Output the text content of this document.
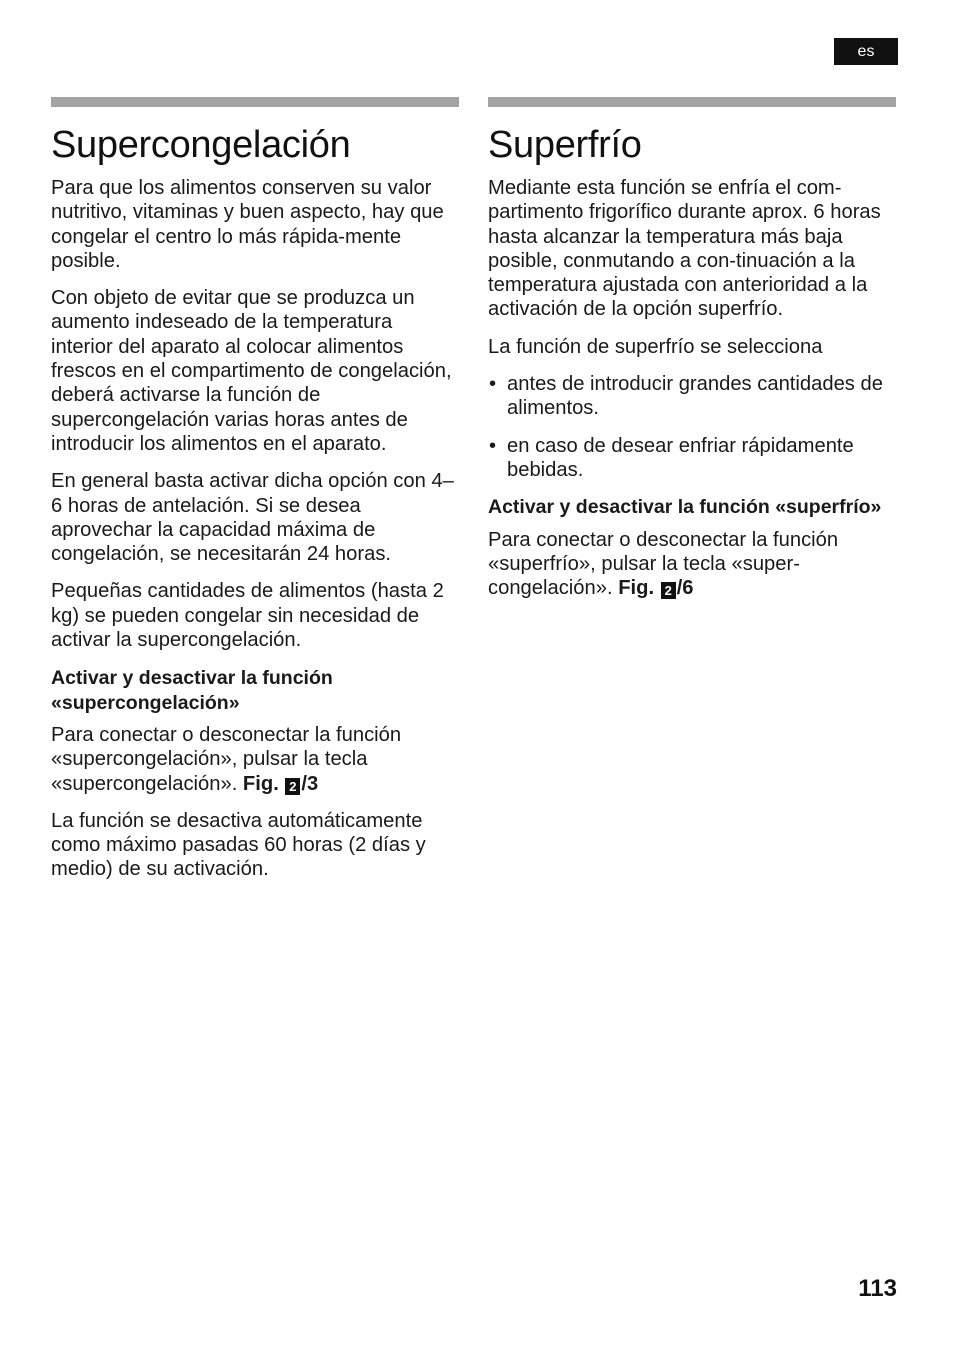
es
Supercongelación

Para que los alimentos conserven su valor nutritivo, vitaminas y buen aspecto, hay que congelar el centro lo más rápida-mente posible.

Con objeto de evitar que se produzca un aumento indeseado de la temperatura interior del aparato al colocar alimentos frescos en el compartimento de congelación, deberá activarse la función de supercongelación varias horas antes de introducir los alimentos en el aparato.

En general basta activar dicha opción con 4–6 horas de antelación. Si se desea aprovechar la capacidad máxima de congelación, se necesitarán 24 horas.

Pequeñas cantidades de alimentos (hasta 2 kg) se pueden congelar sin necesidad de activar la supercongelación.

Activar y desactivar la función «supercongelación»

Para conectar o desconectar la función «supercongelación», pulsar la tecla «supercongelación». Fig. 2 /3

La función se desactiva automáticamente como máximo pasadas 60 horas (2 días y medio) de su activación.

Superfrío

Mediante esta función se enfría el com-partimento frigorífico durante aprox. 6 horas hasta alcanzar la temperatura más baja posible, conmutando a con-tinuación a la temperatura ajustada con anterioridad a la activación de la opción superfrío.

La función de superfrío se selecciona

• antes de introducir grandes cantidades de alimentos.
• en caso de desear enfriar rápidamente bebidas.
Activar y desactivar la función «superfrío»

Para conectar o desconectar la función «superfrío», pulsar la tecla «super-congelación». Fig. 2 /6

113
